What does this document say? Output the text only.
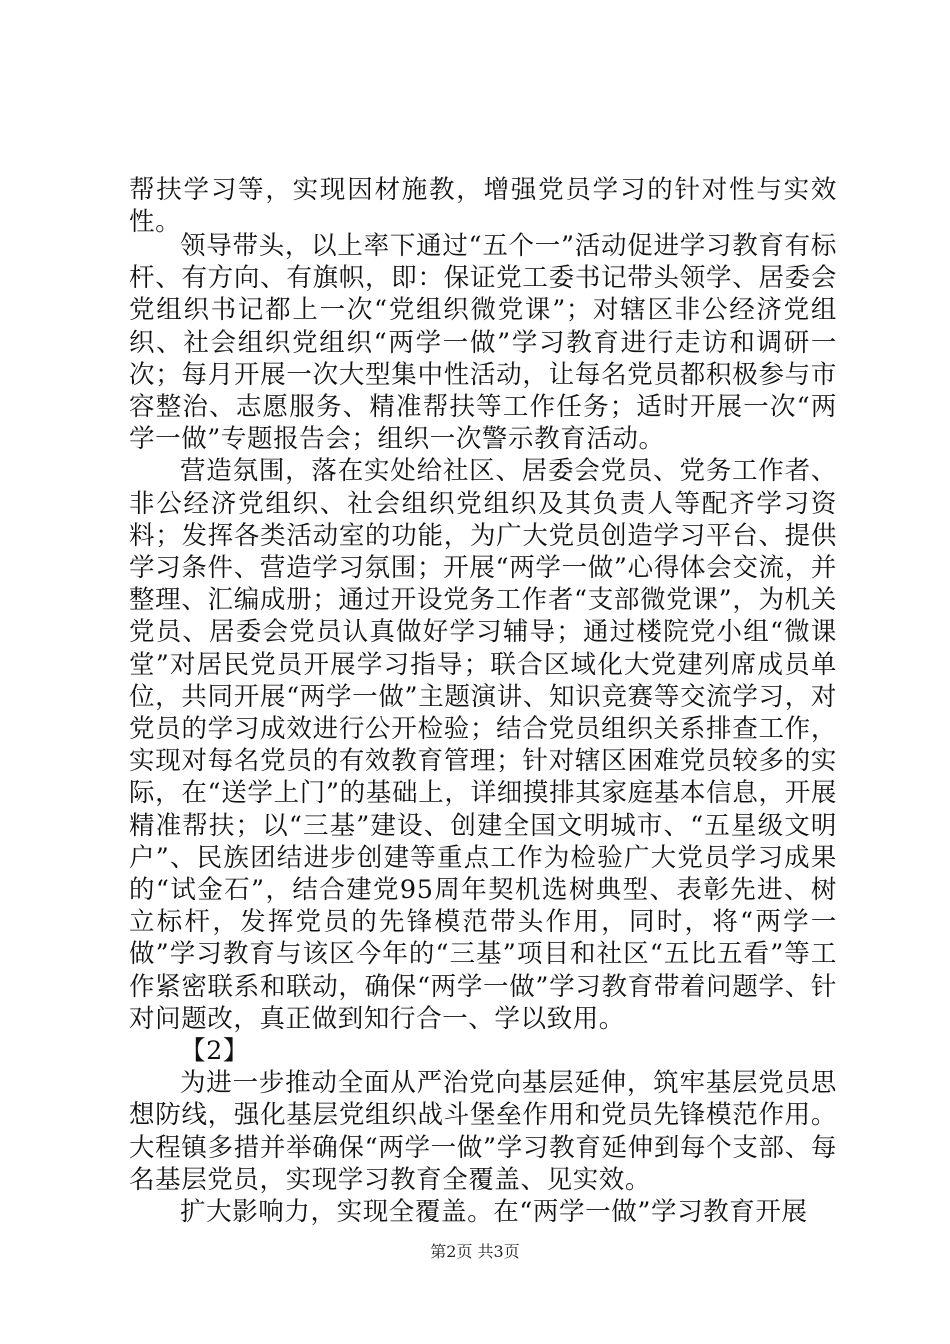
帮扶学习等，实现因材施教，增强党员学习的针对性与实效性。

领导带头，以上率下通过“五个一”活动促进学习教育有标杆、有方向、有旗帜，即：保证党工委书记带头领学、居委会党组织书记都上一次“党组织微党课”；对辖区非公经济党组织、社会组织党组织“两学一做”学习教育进行走访和调研一次；每月开展一次大型集中性活动，让每名党员都积极参与市容整治、志愿服务、精准帮扶等工作任务；适时开展一次“两学一做”专题报告会；组织一次警示教育活动。

营造氛围，落在实处给社区、居委会党员、党务工作者、非公经济党组织、社会组织党组织及其负责人等配齐学习资料；发挥各类活动室的功能，为广大党员创造学习平台、提供学习条件、营造学习氛围；开展“两学一做”心得体会交流，并整理、汇编成册；通过开设党务工作者“支部微党课”，为机关党员、居委会党员认真做好学习辅导；通过楼院党小组“微课堂”对居民党员开展学习指导；联合区域化大党建列席成员单位，共同开展“两学一做”主题演讲、知识竞赛等交流学习，对党员的学习成效进行公开检验；结合党员组织关系排查工作，实现对每名党员的有效教育管理；针对辖区困难党员较多的实际，在“送学上门”的基础上，详细摸排其家庭基本信息，开展精准帮扶；以“三基”建设、创建全国文明城市、“五星级文明户”、民族团结进步创建等重点工作为检验广大党员学习成果的“试金石”，结合建党95周年契机选树典型、表彰先进、树立标杆，发挥党员的先锋模范带头作用，同时，将“两学一做”学习教育与该区今年的“三基”项目和社区“五比五看”等工作紧密联系和联动，确保“两学一做”学习教育带着问题学、针对问题改，真正做到知行合一、学以致用。

【2】

为进一步推动全面从严治党向基层延伸，筑牢基层党员思想防线，强化基层党组织战斗堡垒作用和党员先锋模范作用。大程镇多措并举确保“两学一做”学习教育延伸到每个支部、每名基层党员，实现学习教育全覆盖、见实效。

扩大影响力，实现全覆盖。在“两学一做”学习教育开展

第2页 共3页
